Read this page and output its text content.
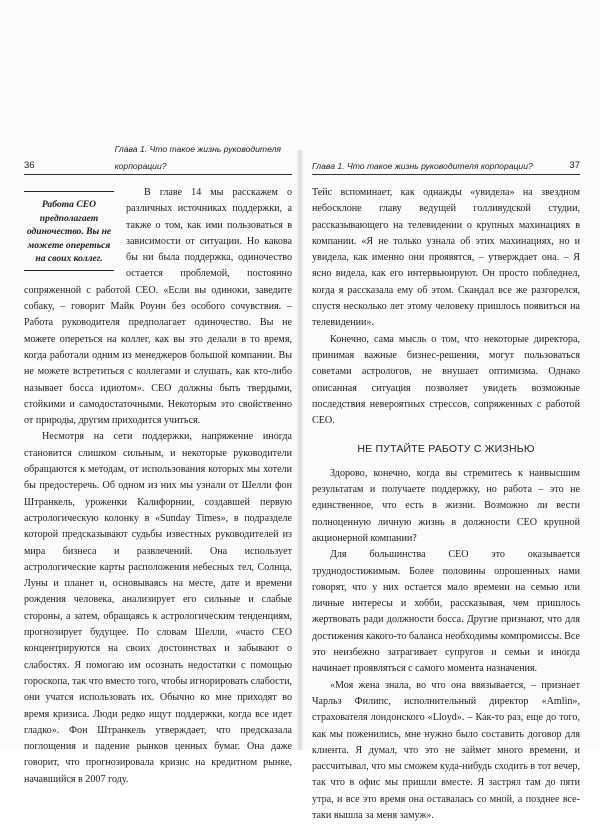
36
Глава 1. Что такое жизнь руководителя корпорации?
Работа CEO предполагает одиночество. Вы не можете опереться на своих коллег.

В главе 14 мы расскажем о различных источниках поддержки, а также о том, как ими пользоваться в зависимости от ситуации. Но какова бы ни была поддержка, одиночество остается проблемой, постоянно сопряженной с работой CEO. «Если вы одиноки, заведите собаку, – говорит Майк Роунн без особого сочувствия. – Работа руководителя предполагает одиночество. Вы не можете опереться на коллег, как вы это делали в то время, когда работали одним из менеджеров большой компании. Вы не можете встретиться с коллегами и слушать, как кто-либо называет босса идиотом». CEO должны быть твердыми, стойкими и самодостаточными. Некоторым это свойственно от природы, другим приходится учиться.

Несмотря на сети поддержки, напряжение иногда становится слишком сильным, и некоторые руководители обращаются к методам, от использования которых мы хотели бы предостеречь. Об одном из них мы узнали от Шелли фон Штранкель, уроженки Калифорнии, создавшей первую астрологическую колонку в «Sunday Times», в подразделе которой предсказывают судьбы известных руководителей из мира бизнеса и развлечений. Она использует астрологические карты расположения небесных тел, Солнца, Луны и планет и, основываясь на месте, дате и времени рождения человека, анализирует его сильные и слабые стороны, а затем, обращаясь к астрологическим тенденциям, прогнозирует будущее. По словам Шелли, «часто CEO концентрируются на своих достоинствах и забывают о слабостях. Я помогаю им осознать недостатки с помощью гороскопа, так что вместо того, чтобы игнорировать слабости, они учатся использовать их. Обычно ко мне приходят во время кризиса. Люди редко ищут поддержки, когда все идет гладко». Фон Штранкель утверждает, что предсказала поглощения и падение рынков ценных бумаг. Она даже говорит, что прогнозировала кризис на кредитном рынке, начавшийся в 2007 году.

Глава 1. Что такое жизнь руководителя корпорации?	37

Тейс вспоминает, как однажды «увидела» на звездном небосклоне главу ведущей голливудской студии, рассказывающего на телевидении о крупных махинациях в компании. «Я не только узнала об этих махинациях, но и увидела, как именно они проявятся, – утверждает она. – Я ясно видела, как его интервьюируют. Он просто побледнел, когда я рассказала ему об этом. Скандал все же разгорелся, спустя несколько лет этому человеку пришлось появиться на телевидении».

Конечно, сама мысль о том, что некоторые директора, принимая важные бизнес-решения, могут пользоваться советами астрологов, не внушает оптимизма. Однако описанная ситуация позволяет увидеть возможные последствия невероятных стрессов, сопряженных с работой CEO.

НЕ ПУТАЙТЕ РАБОТУ С ЖИЗНЬЮ

Здорово, конечно, когда вы стремитесь к наивысшим результатам и получаете поддержку, но работа – это не единственное, что есть в жизни. Возможно ли вести полноценную личную жизнь в должности CEO крупной акционерной компании?

Для большинства CEO это оказывается труднодостижимым. Более половины опрошенных нами говорят, что у них остается мало времени на семью или личные интересы и хобби, рассказывая, чем пришлось жертвовать ради должности босса. Другие признают, что для достижения какого-то баланса необходимы компромиссы. Все это неизбежно затрагивает супругов и семьи и иногда начинает проявляться с самого момента назначения.

«Моя жена знала, во что она ввязывается, – признает Чарльз Филипс, исполнительный директор «Amlin», страхователя лондонского «Lloyd». – Как-то раз, еще до того, как мы поженились, мне нужно было составить договор для клиента. Я думал, что это не займет много времени, и рассчитывал, что мы сможем куда-нибудь сходить в тот вечер, так что в офис мы пришли вместе. Я застрял там до пяти утра, и все это время она оставалась со мной, а позднее все-таки вышла за меня замуж».
